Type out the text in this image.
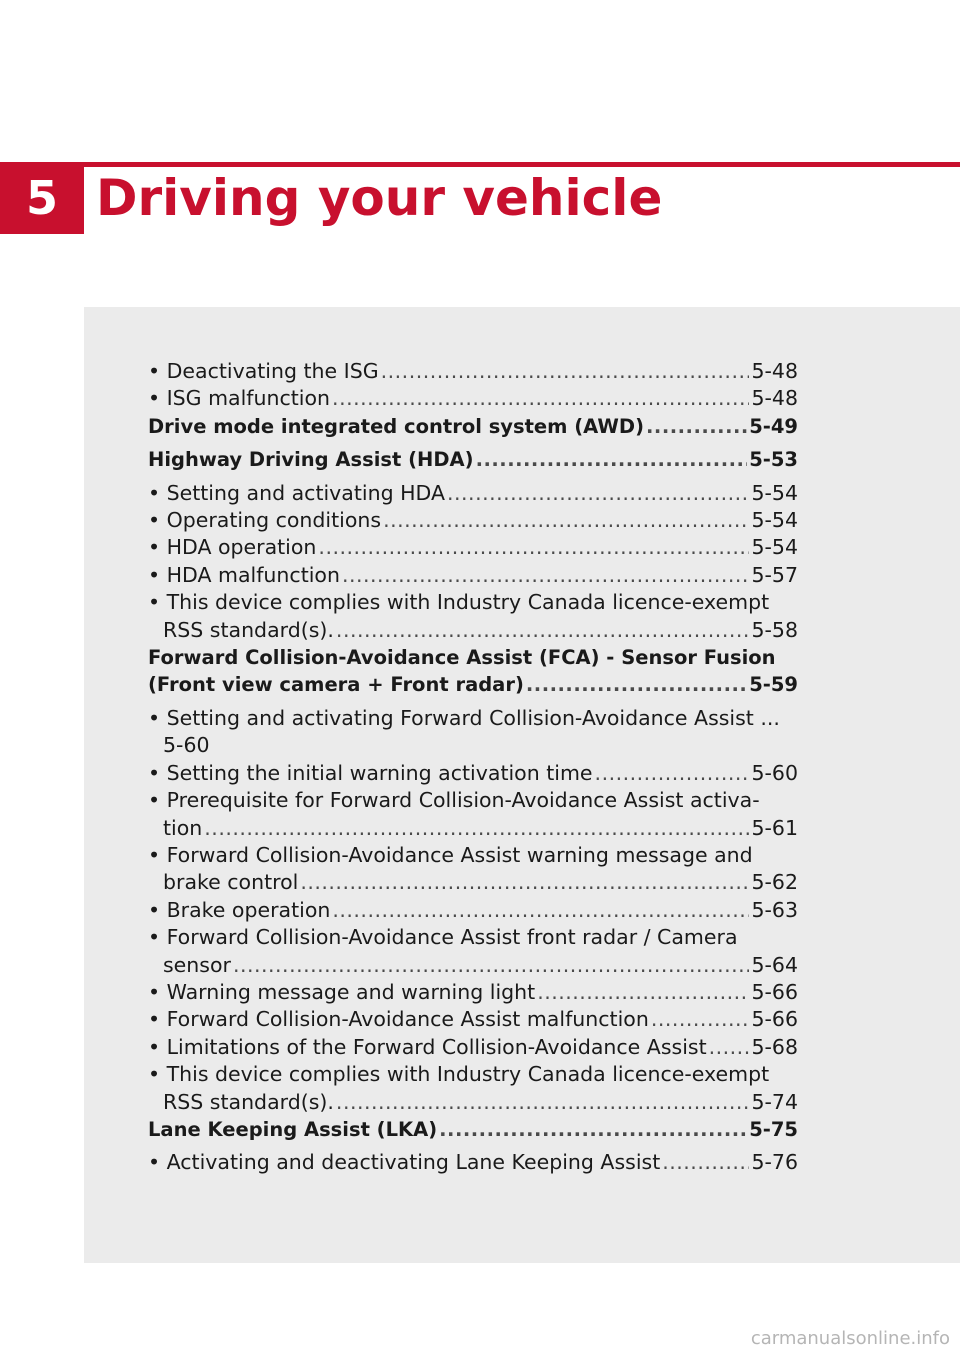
5 Driving your vehicle
• Deactivating the ISG .....	5-48
• ISG malfunction .....	5-48
Drive mode integrated control system (AWD) .....	5-49
Highway Driving Assist (HDA) .....	5-53
• Setting and activating HDA .....	5-54
• Operating conditions .....	5-54
• HDA operation .....	5-54
• HDA malfunction .....	5-57
• This device complies with Industry Canada licence-exempt
RSS standard(s). .....	5-58
Forward Collision-Avoidance Assist (FCA) - Sensor Fusion
(Front view camera + Front radar) .....	5-59
• Setting and activating Forward Collision-Avoidance Assist ...
5-60
• Setting the initial warning activation time .....	5-60
• Prerequisite for Forward Collision-Avoidance Assist activa-
tion .....	5-61
• Forward Collision-Avoidance Assist warning message and
brake control .....	5-62
• Brake operation .....	5-63
• Forward Collision-Avoidance Assist front radar / Camera
sensor .....	5-64
• Warning message and warning light .....	5-66
• Forward Collision-Avoidance Assist malfunction .....	5-66
• Limitations of the Forward Collision-Avoidance Assist ..... 5-68
• This device complies with Industry Canada licence-exempt
RSS standard(s). .....	5-74
Lane Keeping Assist (LKA) .....	5-75
• Activating and deactivating Lane Keeping Assist .....	5-76
carmanualsonline.info
